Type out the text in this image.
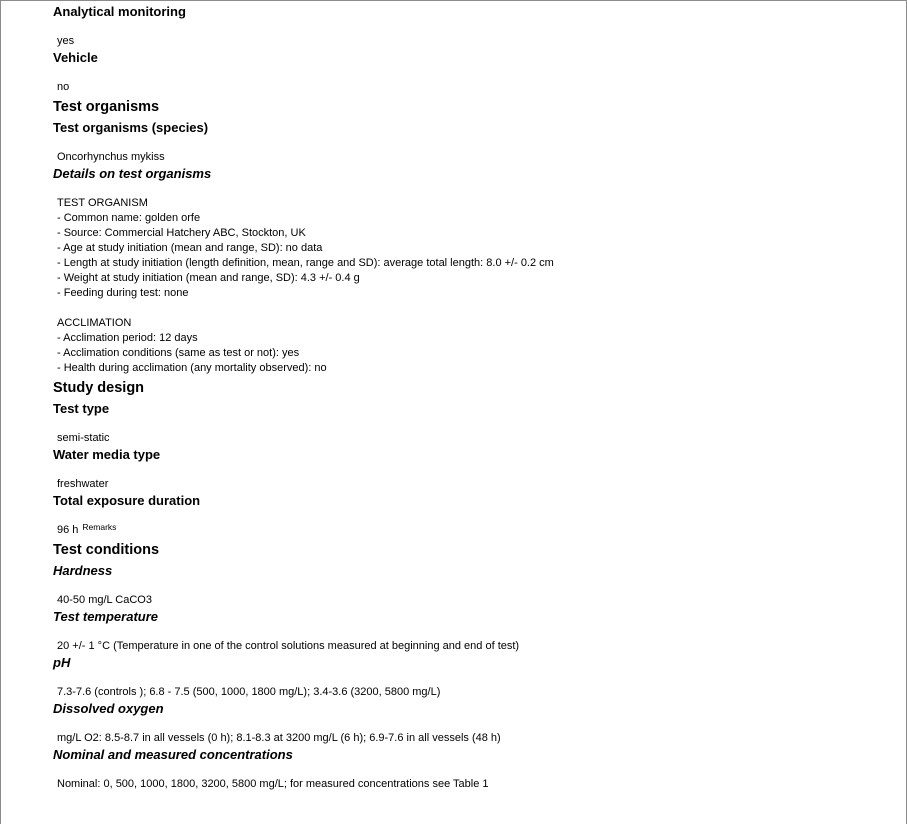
Analytical monitoring
yes
Vehicle
no
Test organisms
Test organisms (species)
Oncorhynchus mykiss
Details on test organisms
TEST ORGANISM
- Common name: golden orfe
- Source: Commercial Hatchery ABC, Stockton, UK
- Age at study initiation (mean and range, SD): no data
- Length at study initiation (length definition, mean, range and SD): average total length: 8.0 +/- 0.2 cm
- Weight at study initiation (mean and range, SD): 4.3 +/- 0.4 g
- Feeding during test: none
ACCLIMATION
- Acclimation period: 12 days
- Acclimation conditions (same as test or not): yes
- Health during acclimation (any mortality observed): no
Study design
Test type
semi-static
Water media type
freshwater
Total exposure duration
96 h $^{Remarks}$
Test conditions
Hardness
40-50 mg/L CaCO3
Test temperature
20 +/- 1 °C (Temperature in one of the control solutions measured at beginning and end of test)
pH
7.3-7.6 (controls ); 6.8 - 7.5 (500, 1000, 1800 mg/L); 3.4-3.6 (3200, 5800 mg/L)
Dissolved oxygen
mg/L O2: 8.5-8.7 in all vessels (0 h); 8.1-8.3 at 3200 mg/L (6 h); 6.9-7.6 in all vessels (48 h)
Nominal and measured concentrations
Nominal: 0, 500, 1000, 1800, 3200, 5800 mg/L; for measured concentrations see Table 1
